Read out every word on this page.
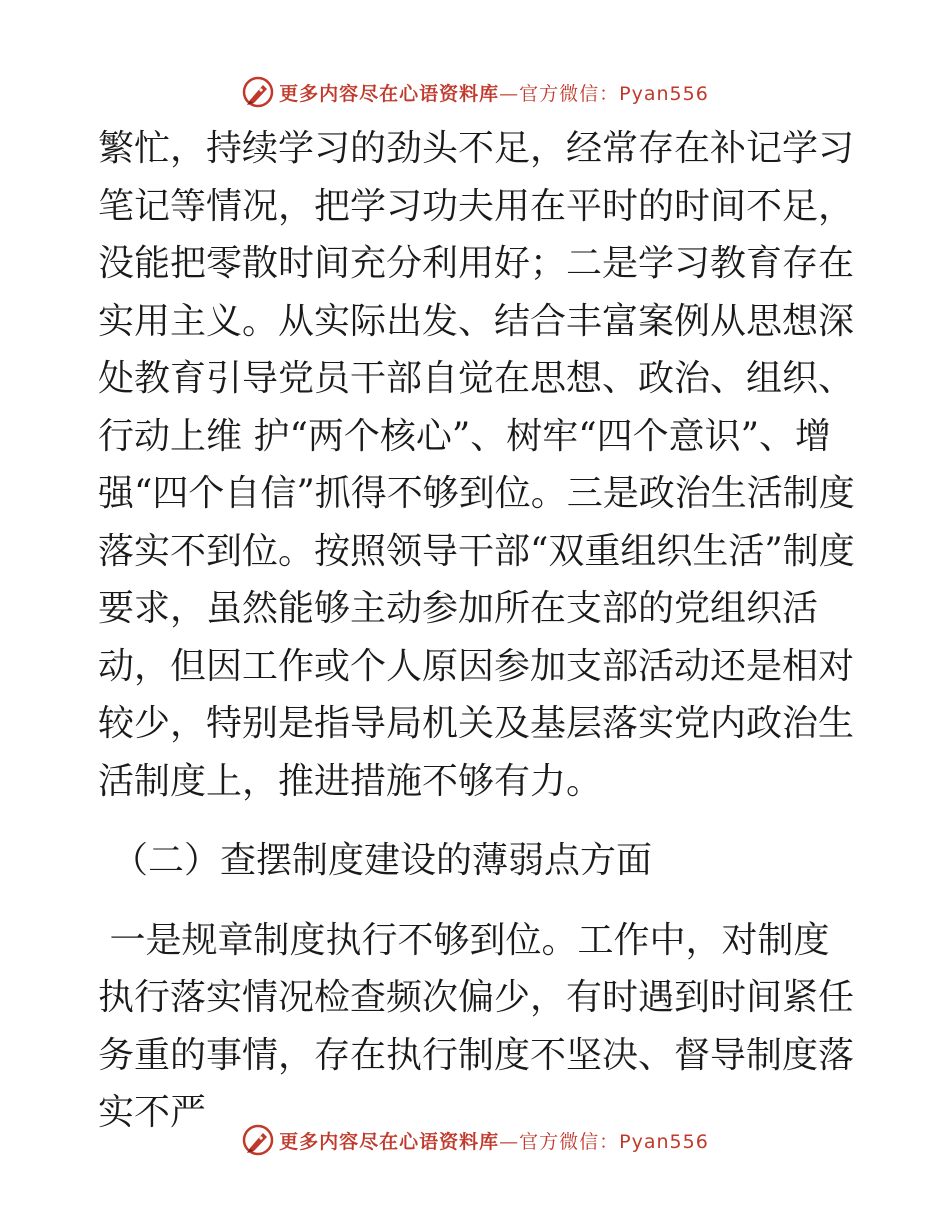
更多内容尽在心语资料库—官方微信：Pyan556

繁忙，持续学习的劲头不足，经常存在补记学习笔记等情况，把学习功夫用在平时的时间不足，没能把零散时间充分利用好；二是学习教育存在实用主义。从实际出发、结合丰富案例从思想深处教育引导党员干部自觉在思想、政治、组织、行动上维 护“两个核心”、树牢“四个意识”、增强“四个自信”抓得不够到位。三是政治生活制度落实不到位。按照领导干部“双重组织生活”制度要求，虽然能够主动参加所在支部的党组织活动，但因工作或个人原因参加支部活动还是相对较少，特别是指导局机关及基层落实党内政治生活制度上，推进措施不够有力。

（二）查摆制度建设的薄弱点方面

一是规章制度执行不够到位。工作中，对制度执行落实情况检查频次偏少，有时遇到时间紧任务重的事情，存在执行制度不坚决、督导制度落实不严

更多内容尽在心语资料库—官方微信：Pyan556
